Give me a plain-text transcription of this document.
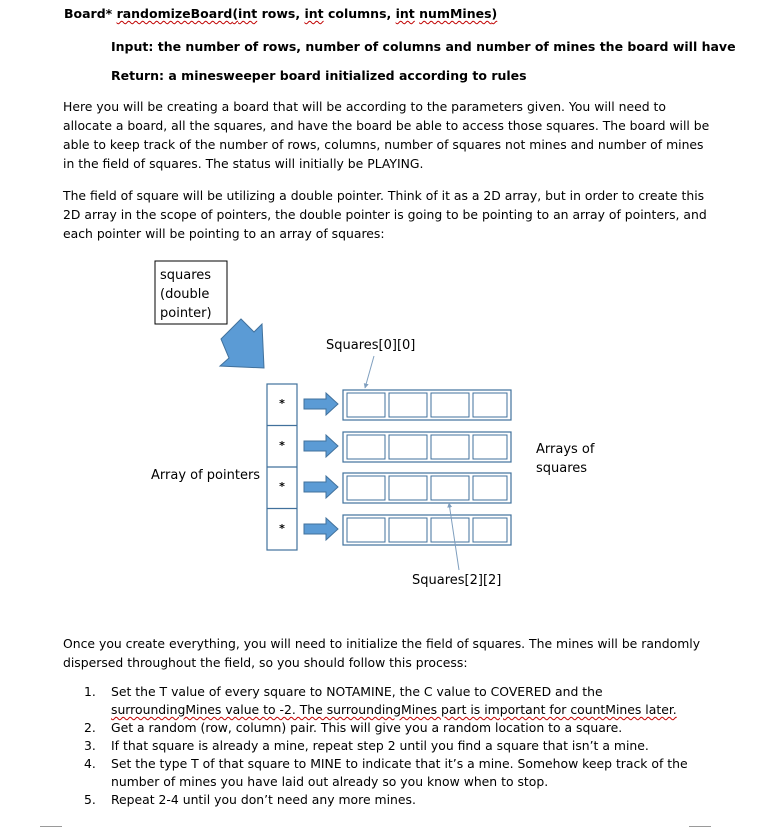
Board* randomizeBoard(int rows, int columns, int numMines)
Input: the number of rows, number of columns and number of mines the board will have
Return: a minesweeper board initialized according to rules
Here you will be creating a board that will be according to the parameters given. You will need to
allocate a board, all the squares, and have the board be able to access those squares. The board will be
able to keep track of the number of rows, columns, number of squares not mines and number of mines
in the field of squares. The status will initially be PLAYING.
The field of square will be utilizing a double pointer. Think of it as a 2D array, but in order to create this
2D array in the scope of pointers, the double pointer is going to be pointing to an array of pointers, and
each pointer will be pointing to an array of squares:
squares
(double
pointer)
*
*
*
*
Array of pointers
Squares[0][0]
Squares[2][2]
Arrays of
squares
Once you create everything, you will need to initialize the field of squares. The mines will be randomly
dispersed throughout the field, so you should follow this process:
1.	Set the T value of every square to NOTAMINE, the C value to COVERED and the
surroundingMines value to -2. The surroundingMines part is important for countMines later.
2.	Get a random (row, column) pair. This will give you a random location to a square.
3.	If that square is already a mine, repeat step 2 until you find a square that isn’t a mine.
4.	Set the type T of that square to MINE to indicate that it’s a mine. Somehow keep track of the
number of mines you have laid out already so you know when to stop.
5.	Repeat 2-4 until you don’t need any more mines.
